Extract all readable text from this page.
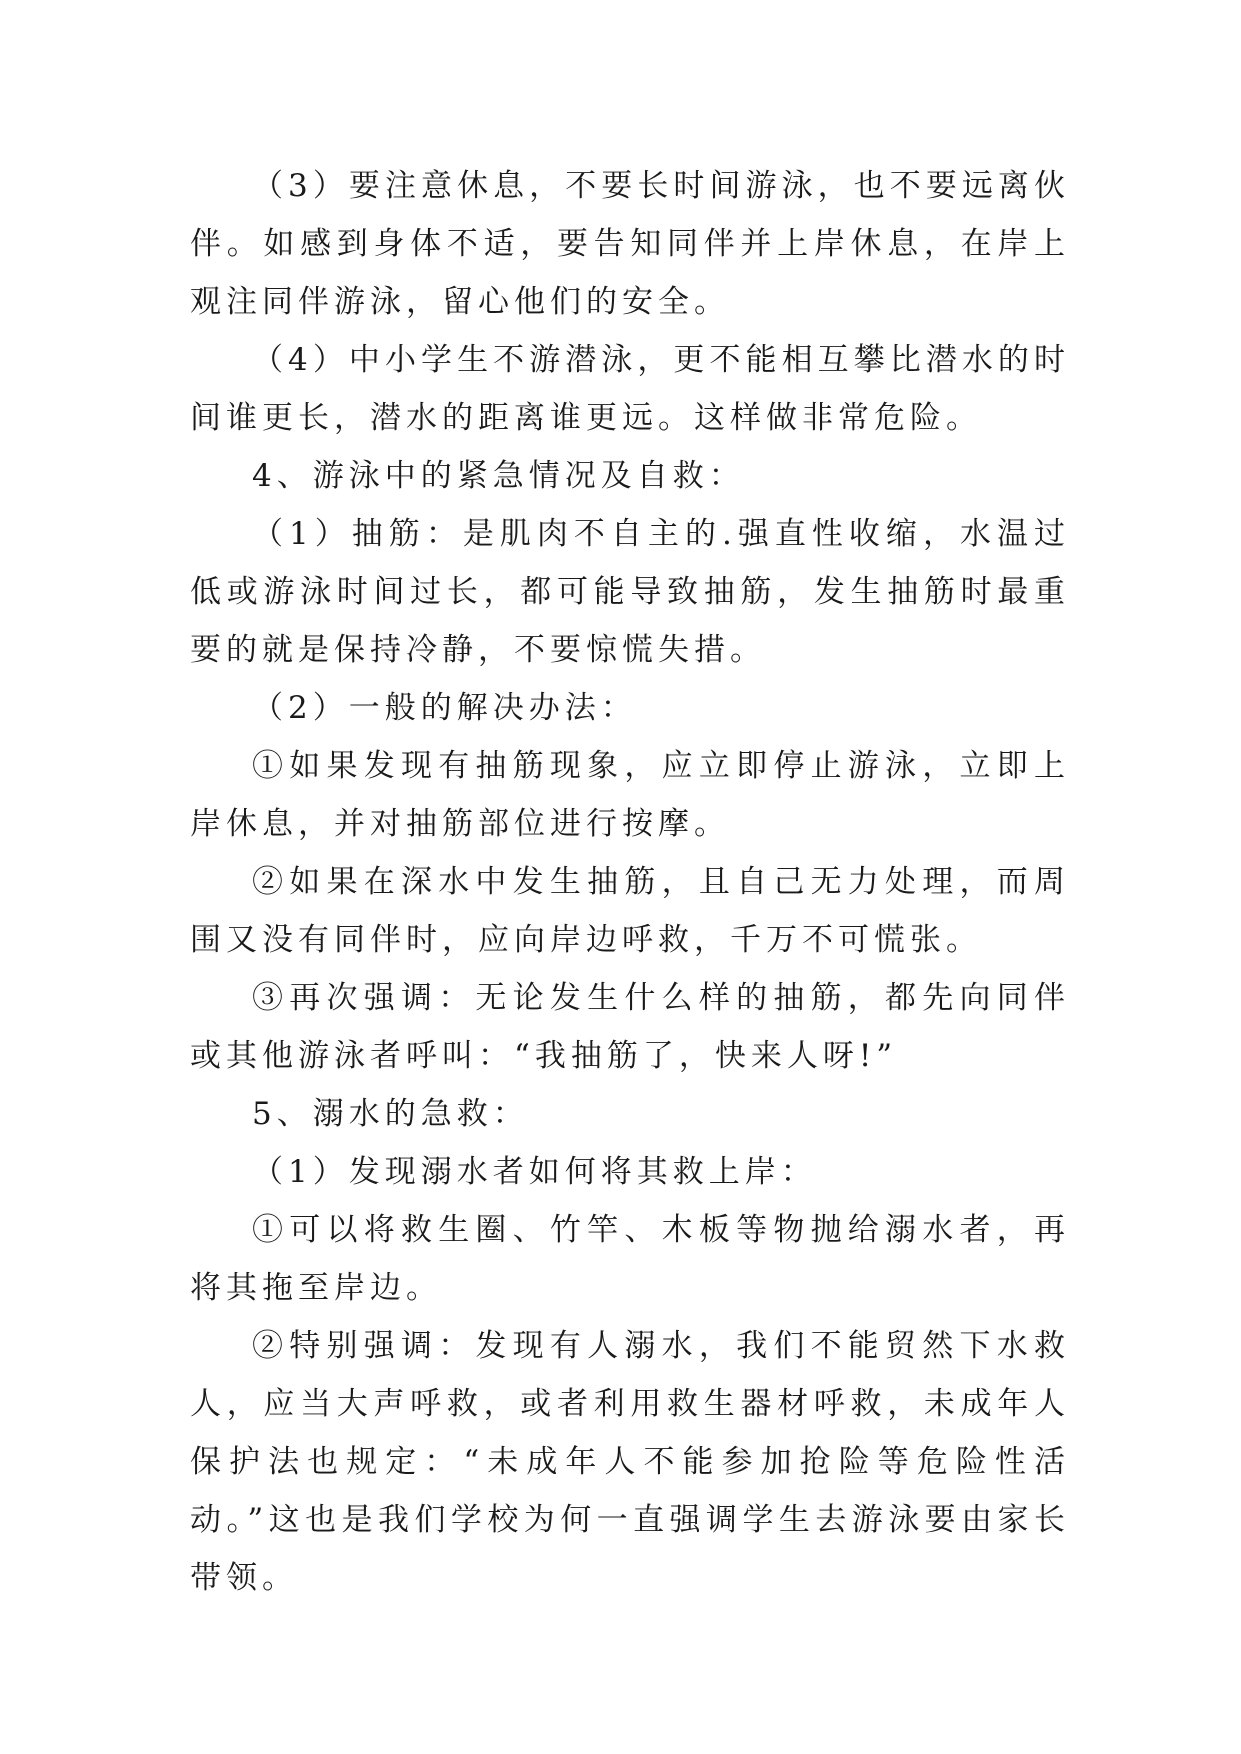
（3）要注意休息，不要长时间游泳，也不要远离伙伴。如感到身体不适，要告知同伴并上岸休息，在岸上观注同伴游泳，留心他们的安全。

（4）中小学生不游潜泳，更不能相互攀比潜水的时间谁更长，潜水的距离谁更远。这样做非常危险。

4、游泳中的紧急情况及自救：

（1）抽筋：是肌肉不自主的.强直性收缩，水温过低或游泳时间过长，都可能导致抽筋，发生抽筋时最重要的就是保持冷静，不要惊慌失措。

（2）一般的解决办法：

①如果发现有抽筋现象，应立即停止游泳，立即上岸休息，并对抽筋部位进行按摩。

②如果在深水中发生抽筋，且自己无力处理，而周围又没有同伴时，应向岸边呼救，千万不可慌张。

③再次强调：无论发生什么样的抽筋，都先向同伴或其他游泳者呼叫：“我抽筋了，快来人呀!”

5、溺水的急救：

（1）发现溺水者如何将其救上岸：

①可以将救生圈、竹竿、木板等物抛给溺水者，再将其拖至岸边。

②特别强调：发现有人溺水，我们不能贸然下水救人，应当大声呼救，或者利用救生器材呼救，未成年人保护法也规定：“未成年人不能参加抢险等危险性活动。”这也是我们学校为何一直强调学生去游泳要由家长带领。
